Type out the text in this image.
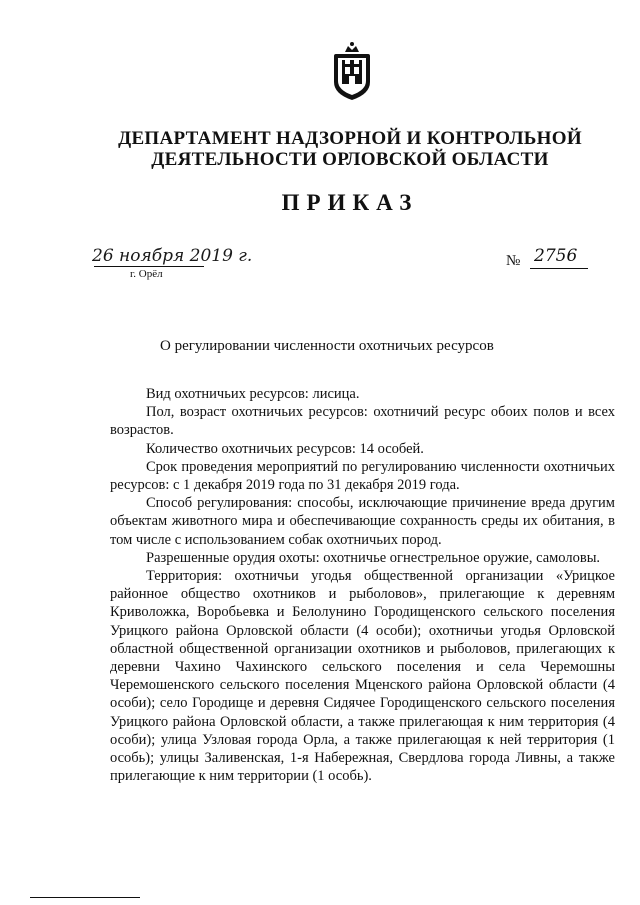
ДЕПАРТАМЕНТ НАДЗОРНОЙ И КОНТРОЛЬНОЙ
ДЕЯТЕЛЬНОСТИ ОРЛОВСКОЙ ОБЛАСТИ
ПРИКАЗ
26 ноября 2019 г.
г. Орёл
№ 2756
О регулировании численности охотничьих ресурсов

Вид охотничьих ресурсов: лисица.

Пол, возраст охотничьих ресурсов: охотничий ресурс обоих полов и всех возрастов.

Количество охотничьих ресурсов: 14 особей.

Срок проведения мероприятий по регулированию численности охотничьих ресурсов: с 1 декабря 2019 года по 31 декабря 2019 года.

Способ регулирования: способы, исключающие причинение вреда другим объектам животного мира и обеспечивающие сохранность среды их обитания, в том числе с использованием собак охотничьих пород.

Разрешенные орудия охоты: охотничье огнестрельное оружие, самоловы.

Территория: охотничьи угодья общественной организации «Урицкое районное общество охотников и рыболовов», прилегающие к деревням Криволожка, Воробьевка и Белолунино Городищенского сельского поселения Урицкого района Орловской области (4 особи); охотничьи угодья Орловской областной общественной организации охотников и рыболовов, прилегающих к деревни Чахино Чахинского сельского поселения и села Черемошны Черемошенского сельского поселения Мценского района Орловской области (4 особи); село Городище и деревня Сидячее Городищенского сельского поселения Урицкого района Орловской области, а также прилегающая к ним территория (4 особи); улица Узловая города Орла, а также прилегающая к ней территория (1 особь); улицы Заливенская, 1-я Набережная, Свердлова города Ливны, а также прилегающие к ним территории (1 особь).
